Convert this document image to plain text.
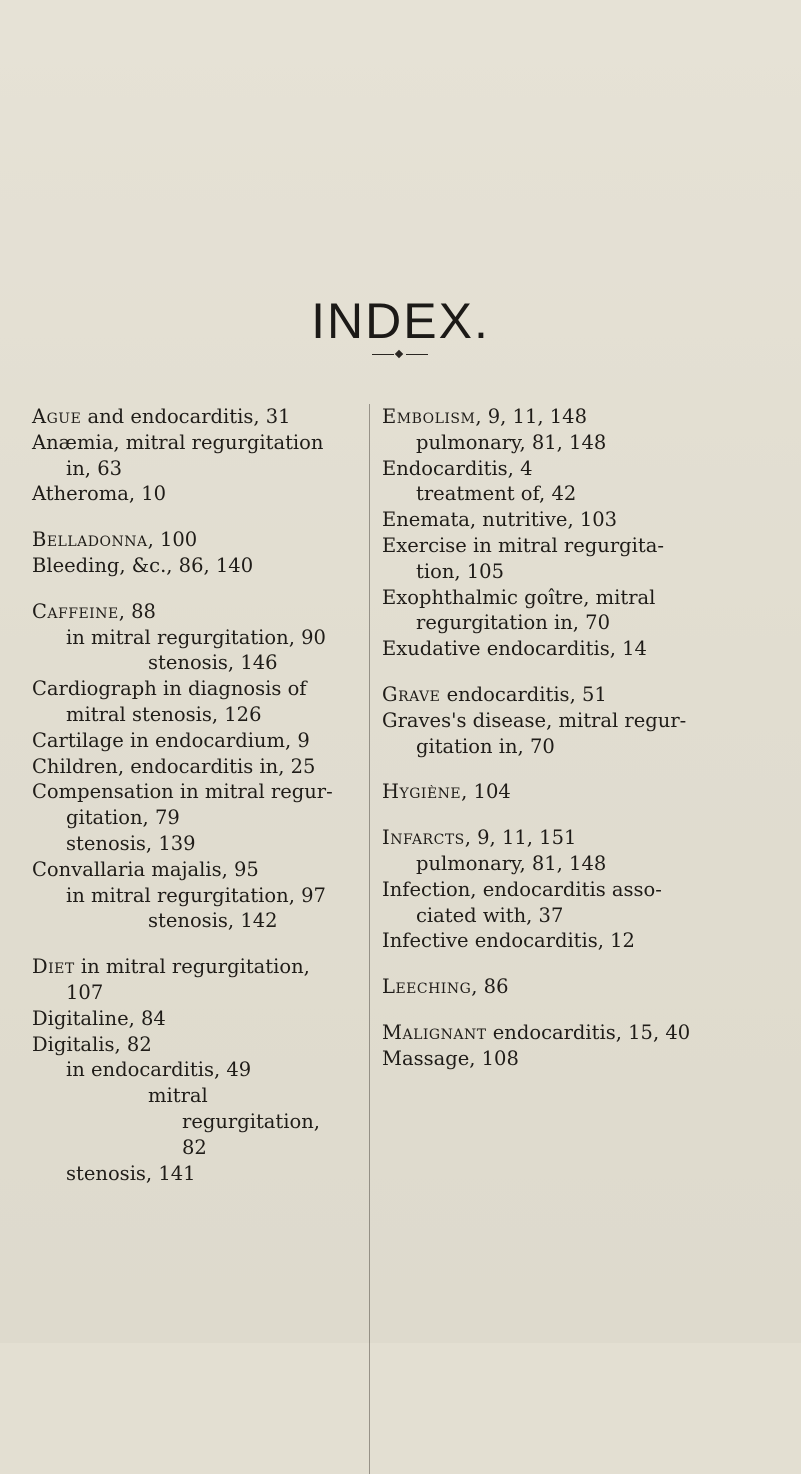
INDEX.

Ague and endocarditis, 31

Anæmia, mitral regurgitation in, 63

Atheroma, 10

Belladonna, 100

Bleeding, &c., 86, 140

Caffeine, 88

in mitral regurgitation, 90

stenosis, 146

Cardiograph in diagnosis of mitral stenosis, 126

Cartilage in endocardium, 9

Children, endocarditis in, 25

Compensation in mitral regur- gitation, 79

stenosis, 139

Convallaria majalis, 95

in mitral regurgitation, 97

stenosis, 142

Diet in mitral regurgitation, 107

Digitaline, 84

Digitalis, 82

in endocarditis, 49

mitral regurgitation, 82

stenosis, 141

Embolism, 9, 11, 148

pulmonary, 81, 148

Endocarditis, 4

treatment of, 42

Enemata, nutritive, 103

Exercise in mitral regurgita- tion, 105

Exophthalmic goître, mitral regurgitation in, 70

Exudative endocarditis, 14

Grave endocarditis, 51

Graves's disease, mitral regur- gitation in, 70

Hygiène, 104

Infarcts, 9, 11, 151

pulmonary, 81, 148

Infection, endocarditis asso- ciated with, 37

Infective endocarditis, 12

Leeching, 86

Malignant endocarditis, 15, 40

Massage, 108
